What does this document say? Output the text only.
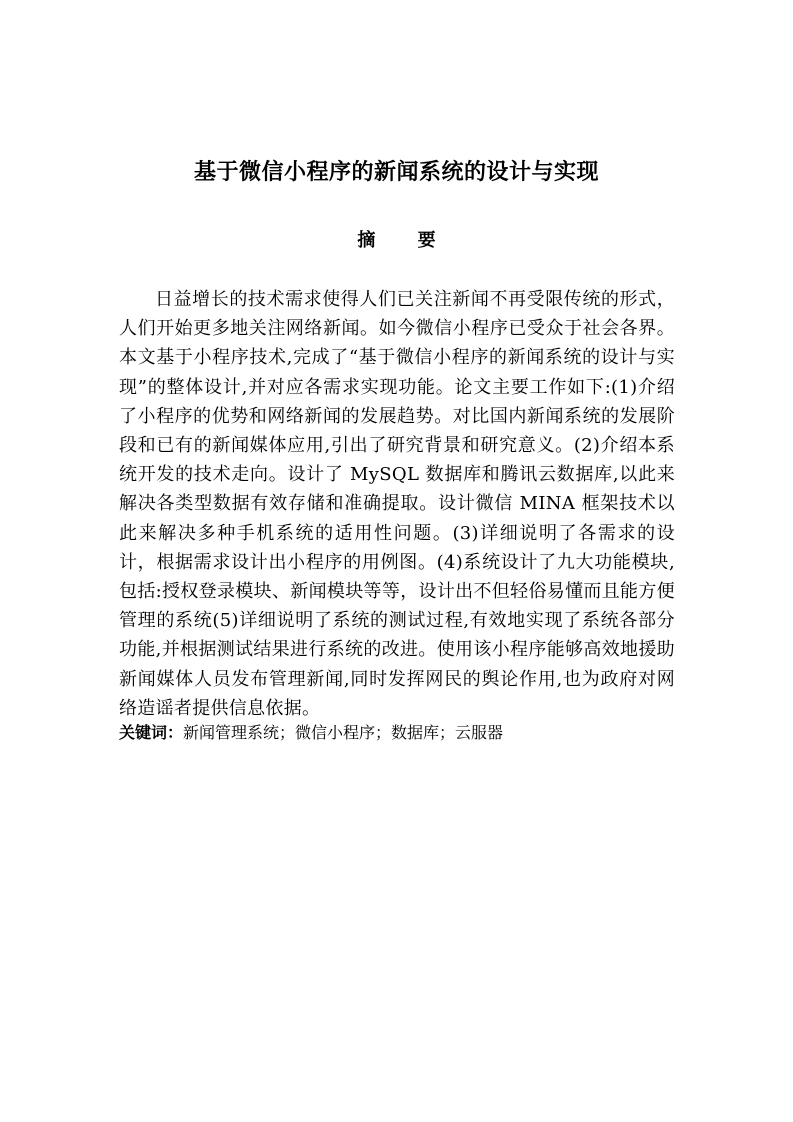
基于微信小程序的新闻系统的设计与实现
摘 要

日益增长的技术需求使得人们已关注新闻不再受限传统的形式，人们开始更多地关注网络新闻。如今微信小程序已受众于社会各界。本文基于小程序技术,完成了“基于微信小程序的新闻系统的设计与实现”的整体设计,并对应各需求实现功能。论文主要工作如下:(1)介绍了小程序的优势和网络新闻的发展趋势。对比国内新闻系统的发展阶段和已有的新闻媒体应用,引出了研究背景和研究意义。(2)介绍本系统开发的技术走向。设计了 MySQL 数据库和腾讯云数据库,以此来解决各类型数据有效存储和准确提取。设计微信 MINA 框架技术以此来解决多种手机系统的适用性问题。(3)详细说明了各需求的设计，根据需求设计出小程序的用例图。(4)系统设计了九大功能模块,包括:授权登录模块、新闻模块等等，设计出不但轻俗易懂而且能方便管理的系统(5)详细说明了系统的测试过程,有效地实现了系统各部分功能,并根据测试结果进行系统的改进。使用该小程序能够高效地援助新闻媒体人员发布管理新闻,同时发挥网民的舆论作用,也为政府对网络造谣者提供信息依据。

关键词：新闻管理系统；微信小程序；数据库；云服器
